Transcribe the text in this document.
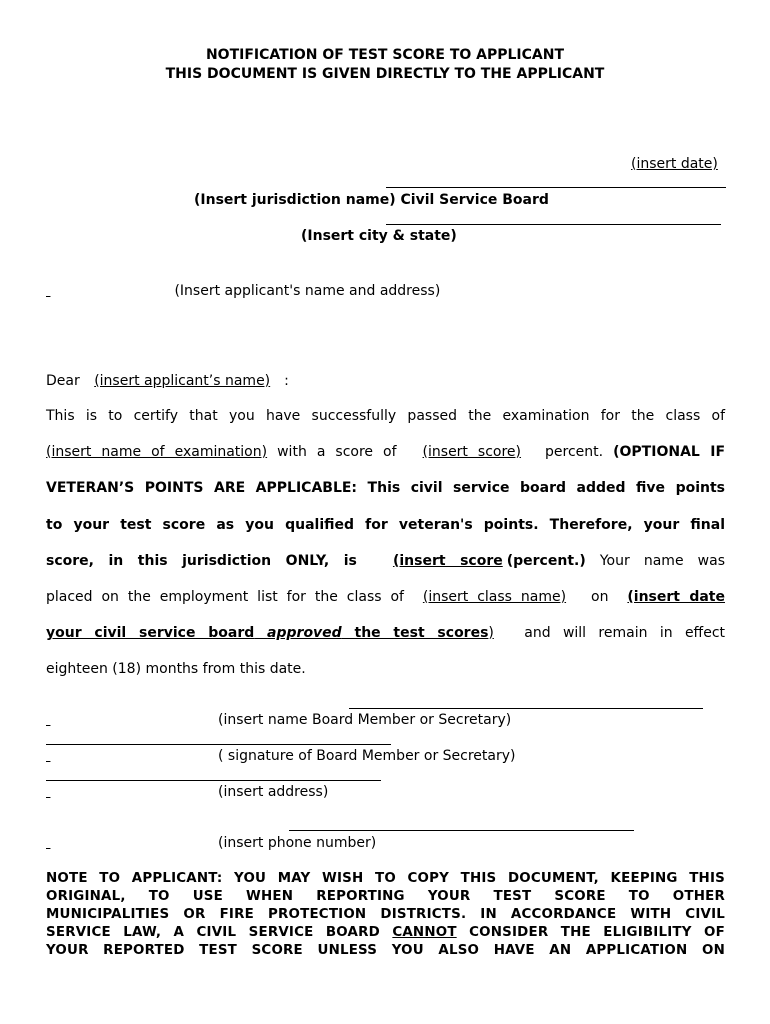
NOTIFICATION OF TEST SCORE TO APPLICANT
THIS DOCUMENT IS GIVEN DIRECTLY TO THE APPLICANT
(insert date)
(Insert jurisdiction name) Civil Service Board
(Insert city & state)
(Insert applicant's name and address)
Dear (insert applicant’s name) :
This is to certify that you have successfully passed the examination for the class of
(insert name of examination) with a score of (insert score) percent. (OPTIONAL IF
VETERAN’S POINTS ARE APPLICABLE: This civil service board added five points
to your test score as you qualified for veteran's points. Therefore, your final
score, in this jurisdiction ONLY, is	(insert score (percent.) Your name was
placed on the employment list for the class of (insert class name) on (insert date
your civil service board approved the test scores) and will remain in effect
eighteen (18) months from this date.
(insert name Board Member or Secretary)
( signature of Board Member or Secretary)
(insert address)
(insert phone number)
NOTE TO APPLICANT: YOU MAY WISH TO COPY THIS DOCUMENT, KEEPING THIS
ORIGINAL, TO USE WHEN REPORTING YOUR TEST SCORE TO OTHER
MUNICIPALITIES OR FIRE PROTECTION DISTRICTS. IN ACCORDANCE WITH CIVIL
SERVICE LAW, A CIVIL SERVICE BOARD CANNOT CONSIDER THE ELIGIBILITY OF
YOUR REPORTED TEST SCORE UNLESS YOU ALSO HAVE AN APPLICATION ON
